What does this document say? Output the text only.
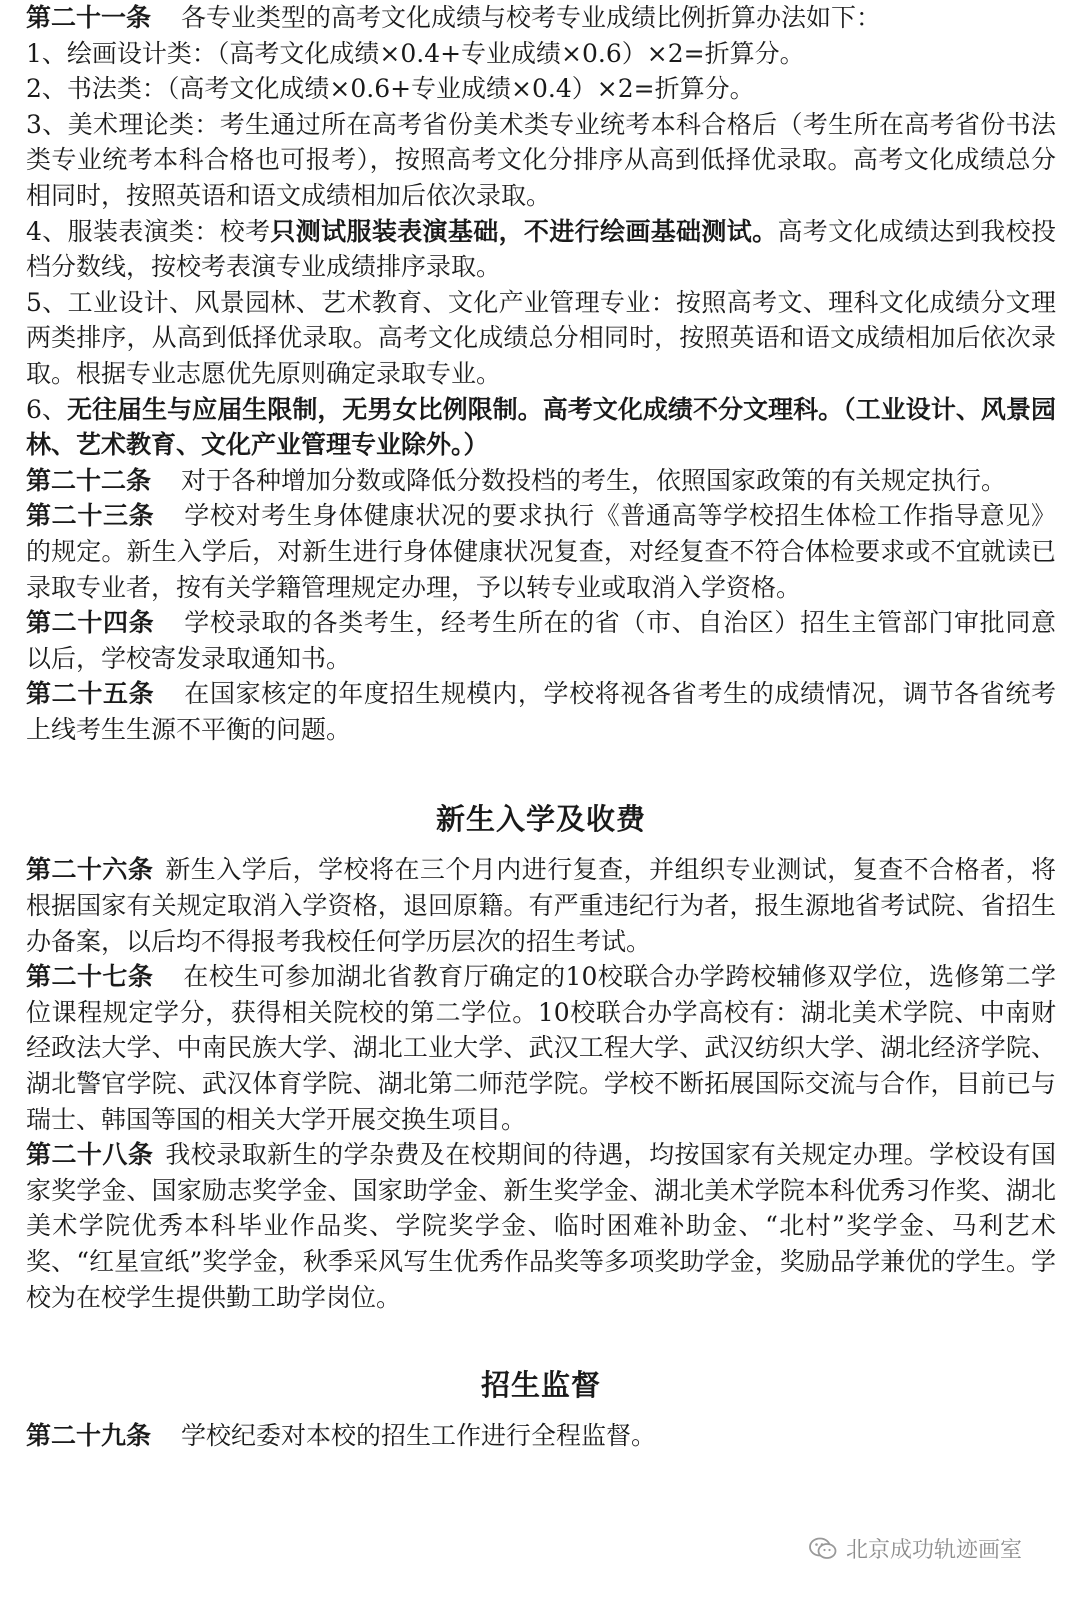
第二十一条 各专业类型的高考文化成绩与校考专业成绩比例折算办法如下：

1、绘画设计类：（高考文化成绩×0.4+专业成绩×0.6）×2=折算分。

2、书法类：（高考文化成绩×0.6+专业成绩×0.4）×2=折算分。

3、美术理论类：考生通过所在高考省份美术类专业统考本科合格后（考生所在高考省份书法类专业统考本科合格也可报考），按照高考文化分排序从高到低择优录取。高考文化成绩总分相同时，按照英语和语文成绩相加后依次录取。

4、服装表演类：校考只测试服装表演基础，不进行绘画基础测试。高考文化成绩达到我校投档分数线，按校考表演专业成绩排序录取。

5、工业设计、风景园林、艺术教育、文化产业管理专业：按照高考文、理科文化成绩分文理两类排序，从高到低择优录取。高考文化成绩总分相同时，按照英语和语文成绩相加后依次录取。根据专业志愿优先原则确定录取专业。

6、无往届生与应届生限制，无男女比例限制。高考文化成绩不分文理科。（工业设计、风景园林、艺术教育、文化产业管理专业除外。）

第二十二条 对于各种增加分数或降低分数投档的考生，依照国家政策的有关规定执行。

第二十三条 学校对考生身体健康状况的要求执行《普通高等学校招生体检工作指导意见》的规定。新生入学后，对新生进行身体健康状况复查，对经复查不符合体检要求或不宜就读已录取专业者，按有关学籍管理规定办理，予以转专业或取消入学资格。

第二十四条 学校录取的各类考生，经考生所在的省（市、自治区）招生主管部门审批同意以后，学校寄发录取通知书。

第二十五条 在国家核定的年度招生规模内，学校将视各省考生的成绩情况，调节各省统考上线考生生源不平衡的问题。

新生入学及收费

第二十六条 新生入学后，学校将在三个月内进行复查，并组织专业测试，复查不合格者，将根据国家有关规定取消入学资格，退回原籍。有严重违纪行为者，报生源地省考试院、省招生办备案，以后均不得报考我校任何学历层次的招生考试。

第二十七条 在校生可参加湖北省教育厅确定的10校联合办学跨校辅修双学位，选修第二学位课程规定学分，获得相关院校的第二学位。10校联合办学高校有：湖北美术学院、中南财经政法大学、中南民族大学、湖北工业大学、武汉工程大学、武汉纺织大学、湖北经济学院、湖北警官学院、武汉体育学院、湖北第二师范学院。学校不断拓展国际交流与合作，目前已与瑞士、韩国等国的相关大学开展交换生项目。

第二十八条 我校录取新生的学杂费及在校期间的待遇，均按国家有关规定办理。学校设有国家奖学金、国家励志奖学金、国家助学金、新生奖学金、湖北美术学院本科优秀习作奖、湖北美术学院优秀本科毕业作品奖、学院奖学金、临时困难补助金、“北村”奖学金、马利艺术奖、“红星宣纸”奖学金，秋季采风写生优秀作品奖等多项奖助学金，奖励品学兼优的学生。学校为在校学生提供勤工助学岗位。

招生监督

第二十九条 学校纪委对本校的招生工作进行全程监督。

北京成功轨迹画室
